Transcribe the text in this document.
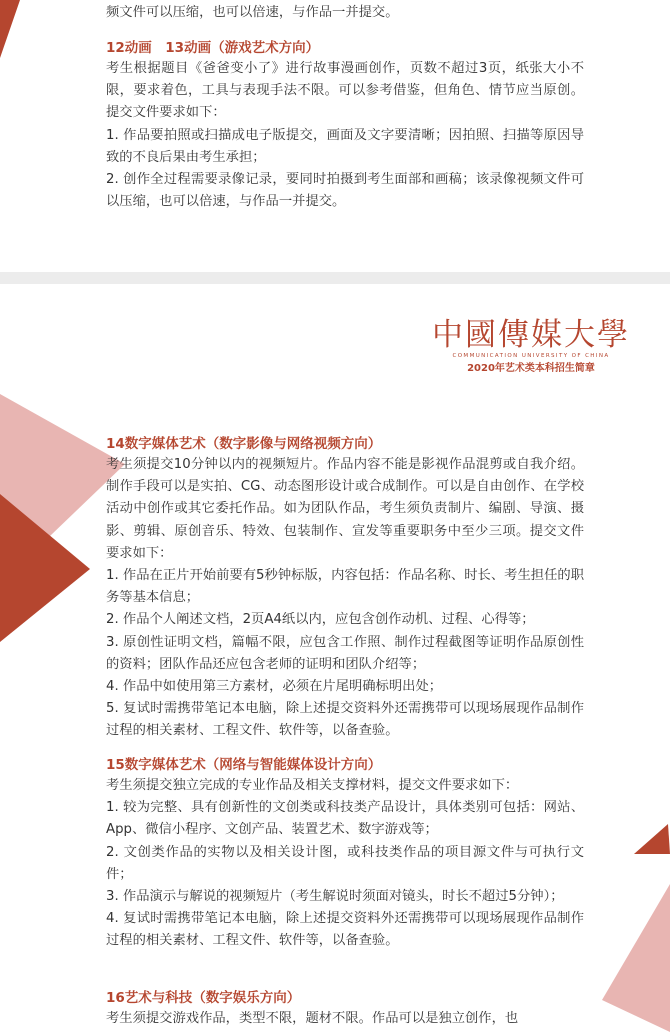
频文件可以压缩，也可以倍速，与作品一并提交。

12动画　13动画（游戏艺术方向）

考生根据题目《爸爸变小了》进行故事漫画创作，页数不超过3页，纸张大小不限，要求着色，工具与表现手法不限。可以参考借鉴，但角色、情节应当原创。提交文件要求如下：

1. 作品要拍照或扫描成电子版提交，画面及文字要清晰；因拍照、扫描等原因导致的不良后果由考生承担；

2. 创作全过程需要录像记录，要同时拍摄到考生面部和画稿；该录像视频文件可以压缩，也可以倍速，与作品一并提交。

中國傳媒大學
COMMUNICATION UNIVERSITY OF CHINA
2020年艺术类本科招生简章

14数字媒体艺术（数字影像与网络视频方向）

考生须提交10分钟以内的视频短片。作品内容不能是影视作品混剪或自我介绍。制作手段可以是实拍、CG、动态图形设计或合成制作。可以是自由创作、在学校活动中创作或其它委托作品。如为团队作品，考生须负责制片、编剧、导演、摄影、剪辑、原创音乐、特效、包装制作、宣发等重要职务中至少三项。提交文件要求如下：

1. 作品在正片开始前要有5秒钟标版，内容包括：作品名称、时长、考生担任的职务等基本信息；

2. 作品个人阐述文档，2页A4纸以内，应包含创作动机、过程、心得等；

3. 原创性证明文档，篇幅不限，应包含工作照、制作过程截图等证明作品原创性的资料；团队作品还应包含老师的证明和团队介绍等；

4. 作品中如使用第三方素材，必须在片尾明确标明出处；

5. 复试时需携带笔记本电脑，除上述提交资料外还需携带可以现场展现作品制作过程的相关素材、工程文件、软件等，以备查验。

15数字媒体艺术（网络与智能媒体设计方向）

考生须提交独立完成的专业作品及相关支撑材料，提交文件要求如下：

1. 较为完整、具有创新性的文创类或科技类产品设计，具体类别可包括：网站、App、微信小程序、文创产品、装置艺术、数字游戏等；

2. 文创类作品的实物以及相关设计图，或科技类作品的项目源文件与可执行文件；

3. 作品演示与解说的视频短片（考生解说时须面对镜头，时长不超过5分钟）；

4. 复试时需携带笔记本电脑，除上述提交资料外还需携带可以现场展现作品制作过程的相关素材、工程文件、软件等，以备查验。

16艺术与科技（数字娱乐方向）

考生须提交游戏作品，类型不限，题材不限。作品可以是独立创作，也
